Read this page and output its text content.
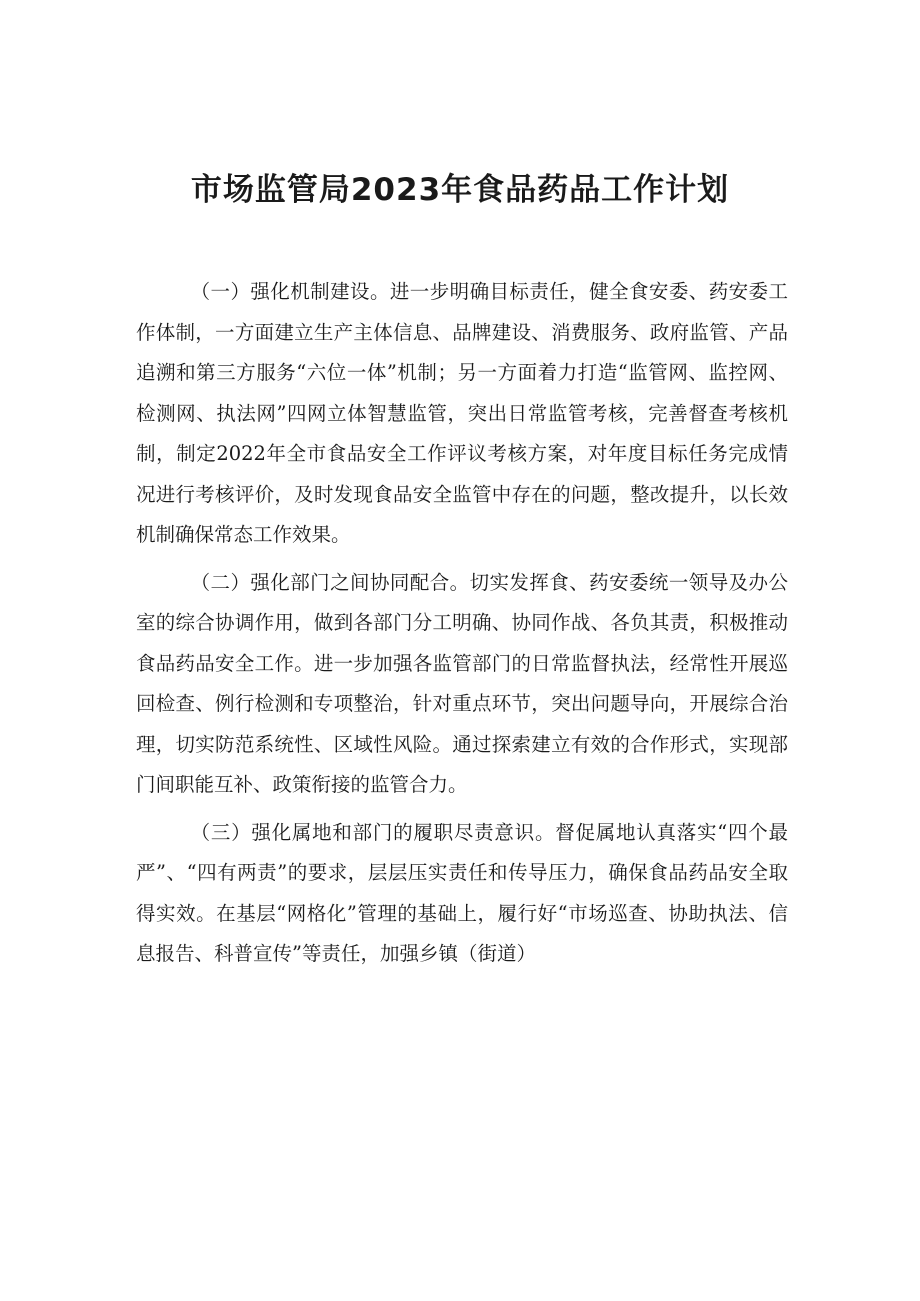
市场监管局2023年食品药品工作计划

（一）强化机制建设。进一步明确目标责任，健全食安委、药安委工作体制，一方面建立生产主体信息、品牌建设、消费服务、政府监管、产品追溯和第三方服务“六位一体”机制；另一方面着力打造“监管网、监控网、检测网、执法网”四网立体智慧监管，突出日常监管考核，完善督查考核机制，制定2022年全市食品安全工作评议考核方案，对年度目标任务完成情况进行考核评价，及时发现食品安全监管中存在的问题，整改提升，以长效机制确保常态工作效果。

（二）强化部门之间协同配合。切实发挥食、药安委统一领导及办公室的综合协调作用，做到各部门分工明确、协同作战、各负其责，积极推动食品药品安全工作。进一步加强各监管部门的日常监督执法，经常性开展巡回检查、例行检测和专项整治，针对重点环节，突出问题导向，开展综合治理，切实防范系统性、区域性风险。通过探索建立有效的合作形式，实现部门间职能互补、政策衔接的监管合力。

（三）强化属地和部门的履职尽责意识。督促属地认真落实“四个最严”、“四有两责”的要求，层层压实责任和传导压力，确保食品药品安全取得实效。在基层“网格化”管理的基础上，履行好“市场巡查、协助执法、信息报告、科普宣传”等责任，加强乡镇（街道）
